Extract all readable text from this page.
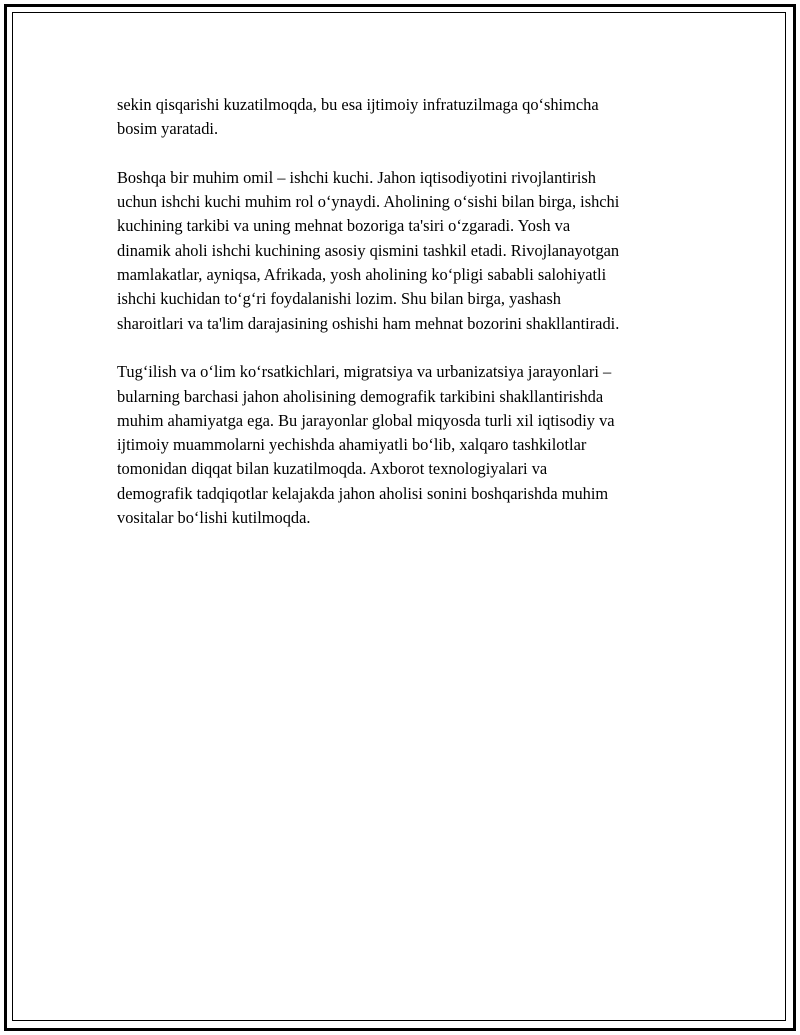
sekin qisqarishi kuzatilmoqda, bu esa ijtimoiy infratuzilmaga qo‘shimcha
bosim yaratadi.

Boshqa bir muhim omil – ishchi kuchi. Jahon iqtisodiyotini rivojlantirish
uchun ishchi kuchi muhim rol o‘ynaydi. Aholining o‘sishi bilan birga, ishchi
kuchining tarkibi va uning mehnat bozoriga ta'siri o‘zgaradi. Yosh va
dinamik aholi ishchi kuchining asosiy qismini tashkil etadi. Rivojlanayotgan
mamlakatlar, ayniqsa, Afrikada, yosh aholining ko‘pligi sababli salohiyatli
ishchi kuchidan to‘g‘ri foydalanishi lozim. Shu bilan birga, yashash
sharoitlari va ta'lim darajasining oshishi ham mehnat bozorini shakllantiradi.

Tug‘ilish va o‘lim ko‘rsatkichlari, migratsiya va urbanizatsiya jarayonlari –
bularning barchasi jahon aholisining demografik tarkibini shakllantirishda
muhim ahamiyatga ega. Bu jarayonlar global miqyosda turli xil iqtisodiy va
ijtimoiy muammolarni yechishda ahamiyatli bo‘lib, xalqaro tashkilotlar
tomonidan diqqat bilan kuzatilmoqda. Axborot texnologiyalari va
demografik tadqiqotlar kelajakda jahon aholisi sonini boshqarishda muhim
vositalar bo‘lishi kutilmoqda.
